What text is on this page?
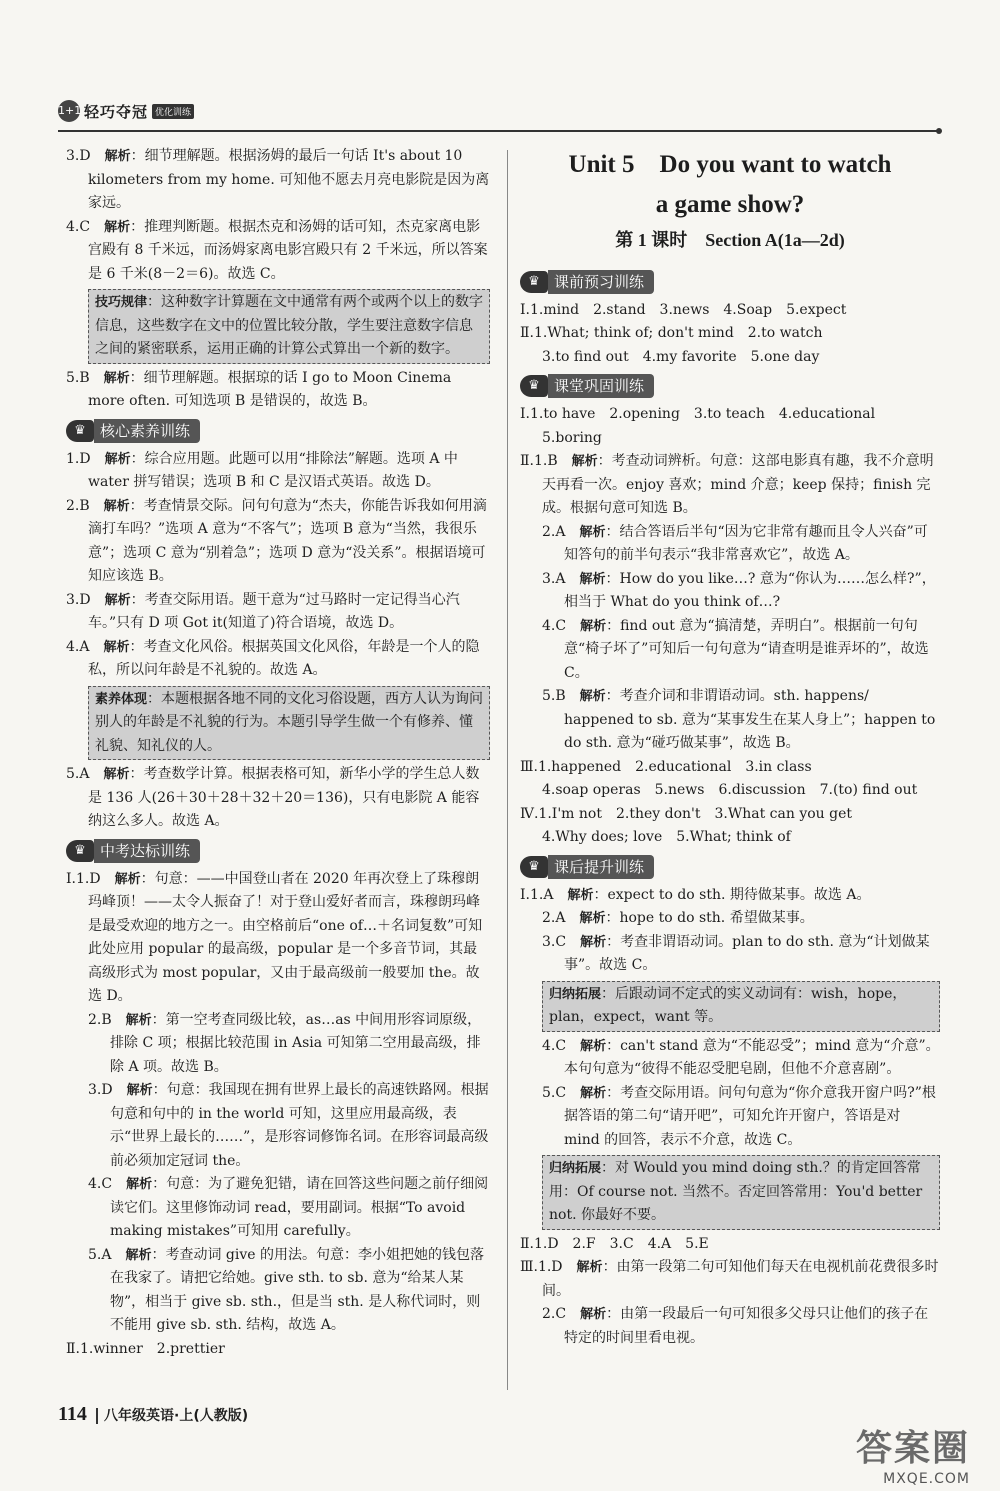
1+1 轻巧夺冠 优化训练

3.D　解析：细节理解题。根据汤姆的最后一句话 It's about 10 kilometers from my home. 可知他不愿去月亮电影院是因为离家远。

4.C　解析：推理判断题。根据杰克和汤姆的话可知，杰克家离电影宫殿有 8 千米远，而汤姆家离电影宫殿只有 2 千米远，所以答案是 6 千米(8－2＝6)。故选 C。

技巧规律：这种数字计算题在文中通常有两个或两个以上的数字信息，这些数字在文中的位置比较分散，学生要注意数字信息之间的紧密联系，运用正确的计算公式算出一个新的数字。

5.B　解析：细节理解题。根据琼的话 I go to Moon Cinema more often. 可知选项 B 是错误的，故选 B。

♛ 核心素养训练

1.D　解析：综合应用题。此题可以用“排除法”解题。选项 A 中 water 拼写错误；选项 B 和 C 是汉语式英语。故选 D。

2.B　解析：考查情景交际。问句句意为“杰夫，你能告诉我如何用滴滴打车吗？”选项 A 意为“不客气”；选项 B 意为“当然，我很乐意”；选项 C 意为“别着急”；选项 D 意为“没关系”。根据语境可知应该选 B。

3.D　解析：考查交际用语。题干意为“过马路时一定记得当心汽车。”只有 D 项 Got it(知道了)符合语境，故选 D。

4.A　解析：考查文化风俗。根据英国文化风俗，年龄是一个人的隐私，所以问年龄是不礼貌的。故选 A。

素养体现：本题根据各地不同的文化习俗设题，西方人认为询问别人的年龄是不礼貌的行为。本题引导学生做一个有修养、懂礼貌、知礼仪的人。

5.A　解析：考查数学计算。根据表格可知，新华小学的学生总人数是 136 人(26＋30＋28＋32＋20＝136)，只有电影院 A 能容纳这么多人。故选 A。

♛ 中考达标训练

Ⅰ.1.D　解析：句意：——中国登山者在 2020 年再次登上了珠穆朗玛峰顶！——太令人振奋了！对于登山爱好者而言，珠穆朗玛峰是最受欢迎的地方之一。由空格前后“one of…＋名词复数”可知此处应用 popular 的最高级，popular 是一个多音节词，其最高级形式为 most popular，又由于最高级前一般要加 the。故选 D。

2.B　解析：第一空考查同级比较，as…as 中间用形容词原级，排除 C 项；根据比较范围 in Asia 可知第二空用最高级，排除 A 项。故选 B。

3.D　解析：句意：我国现在拥有世界上最长的高速铁路网。根据句意和句中的 in the world 可知，这里应用最高级，表示“世界上最长的……”，是形容词修饰名词。在形容词最高级前必须加定冠词 the。

4.C　解析：句意：为了避免犯错，请在回答这些问题之前仔细阅读它们。这里修饰动词 read，要用副词。根据“To avoid making mistakes”可知用 carefully。

5.A　解析：考查动词 give 的用法。句意：李小姐把她的钱包落在我家了。请把它给她。give sth. to sb. 意为“给某人某物”，相当于 give sb. sth.，但是当 sth. 是人称代词时，则不能用 give sb. sth. 结构，故选 A。

Ⅱ.1.winner　2.prettier

Unit 5　Do you want to watch
a game show?
第 1 课时　Section A(1a—2d)
♛ 课前预习训练

Ⅰ.1.mind　2.stand　3.news　4.Soap　5.expect

Ⅱ.1.What; think of; don't mind　2.to watch

3.to find out　4.my favorite　5.one day

♛ 课堂巩固训练

Ⅰ.1.to have　2.opening　3.to teach　4.educational

5.boring

Ⅱ.1.B　解析：考查动词辨析。句意：这部电影真有趣，我不介意明天再看一次。enjoy 喜欢；mind 介意；keep 保持；finish 完成。根据句意可知选 B。

2.A　解析：结合答语后半句“因为它非常有趣而且令人兴奋”可知答句的前半句表示“我非常喜欢它”，故选 A。

3.A　解析：How do you like…? 意为“你认为……怎么样?”，相当于 What do you think of…?

4.C　解析：find out 意为“搞清楚，弄明白”。根据前一句句意“椅子坏了”可知后一句句意为“请查明是谁弄坏的”，故选 C。

5.B　解析：考查介词和非谓语动词。sth. happens/ happened to sb. 意为“某事发生在某人身上”；happen to do sth. 意为“碰巧做某事”，故选 B。

Ⅲ.1.happened　2.educational　3.in class

4.soap operas　5.news　6.discussion　7.(to) find out

Ⅳ.1.I'm not　2.they don't　3.What can you get

4.Why does; love　5.What; think of

♛ 课后提升训练

Ⅰ.1.A　解析：expect to do sth. 期待做某事。故选 A。

2.A　解析：hope to do sth. 希望做某事。

3.C　解析：考查非谓语动词。plan to do sth. 意为“计划做某事”。故选 C。

归纳拓展：后跟动词不定式的实义动词有：wish，hope，plan，expect，want 等。

4.C　解析：can't stand 意为“不能忍受”；mind 意为“介意”。本句句意为“彼得不能忍受肥皂剧，但他不介意喜剧”。

5.C　解析：考查交际用语。问句句意为“你介意我开窗户吗?”根据答语的第二句“请开吧”，可知允许开窗户，答语是对 mind 的回答，表示不介意，故选 C。

归纳拓展：对 Would you mind doing sth.？的肯定回答常用：Of course not. 当然不。否定回答常用：You'd better not. 你最好不要。

Ⅱ.1.D　2.F　3.C　4.A　5.E

Ⅲ.1.D　解析：由第一段第二句可知他们每天在电视机前花费很多时间。

2.C　解析：由第一段最后一句可知很多父母只让他们的孩子在特定的时间里看电视。

114 八年级英语·上(人教版)
答案圈
MXQE.COM
